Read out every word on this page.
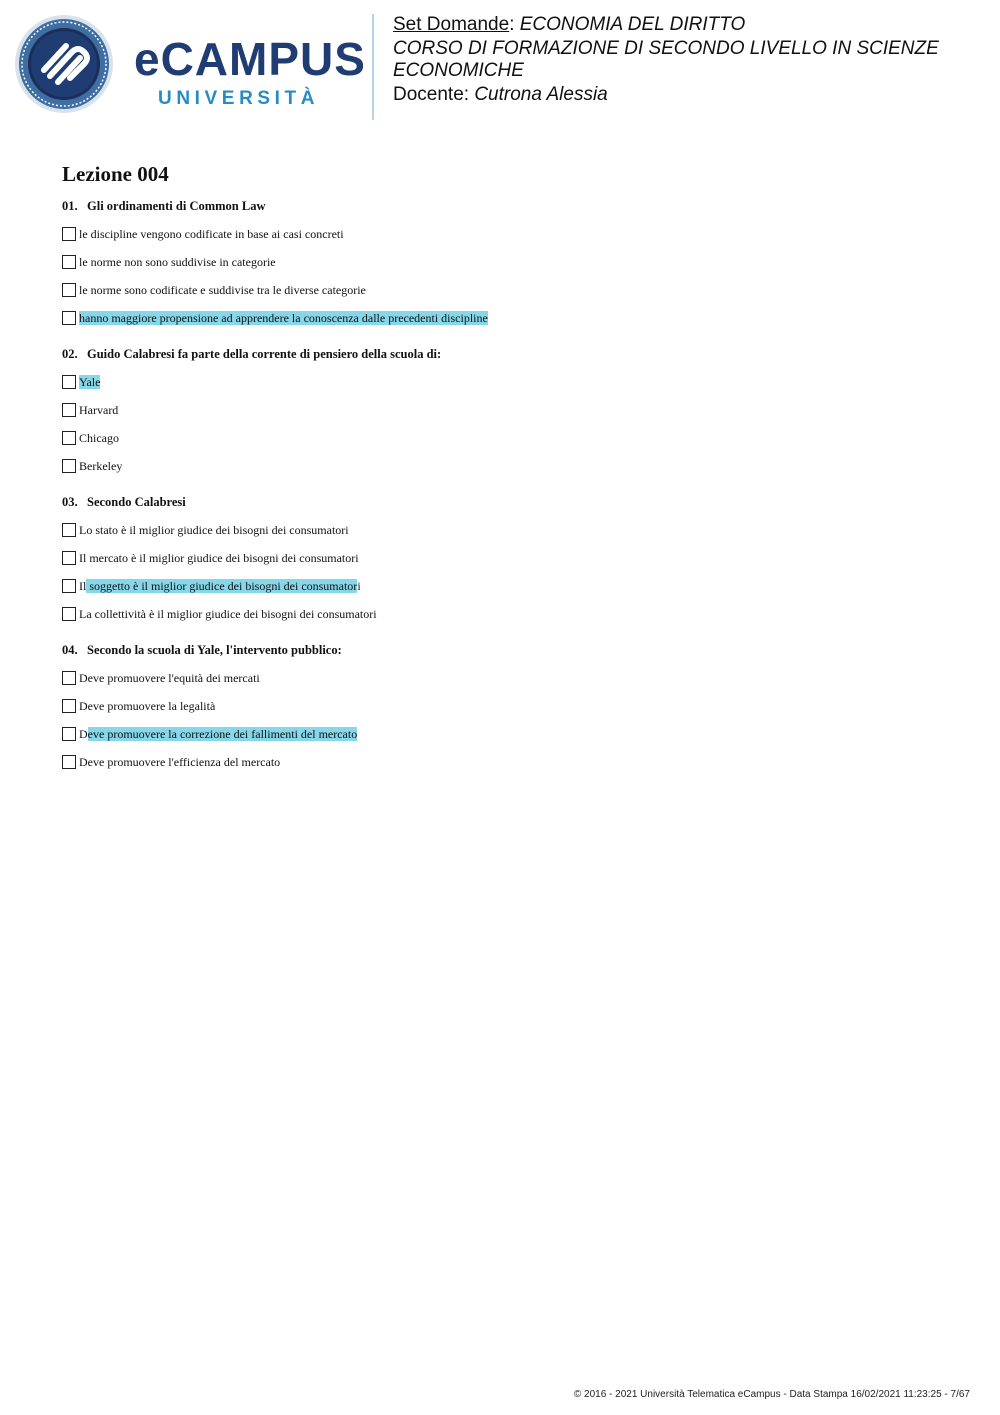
eCAMPUS
UNIVERSITÀ
Set Domande: ECONOMIA DEL DIRITTO
CORSO DI FORMAZIONE DI SECONDO LIVELLO IN SCIENZE ECONOMICHE
Docente: Cutrona Alessia
Lezione 004
01. Gli ordinamenti di Common Law
le discipline vengono codificate in base ai casi concreti
le norme non sono suddivise in categorie
le norme sono codificate e suddivise tra le diverse categorie
hanno maggiore propensione ad apprendere la conoscenza dalle precedenti discipline
02. Guido Calabresi fa parte della corrente di pensiero della scuola di:
Yale
Harvard
Chicago
Berkeley
03. Secondo Calabresi
Lo stato è il miglior giudice dei bisogni dei consumatori
Il mercato è il miglior giudice dei bisogni dei consumatori
Il soggetto è il miglior giudice dei bisogni dei consumatori
La collettività è il miglior giudice dei bisogni dei consumatori
04. Secondo la scuola di Yale, l'intervento pubblico:
Deve promuovere l'equità dei mercati
Deve promuovere la legalità
Deve promuovere la correzione dei fallimenti del mercato
Deve promuovere l'efficienza del mercato
© 2016 - 2021 Università Telematica eCampus - Data Stampa 16/02/2021 11:23:25 - 7/67
